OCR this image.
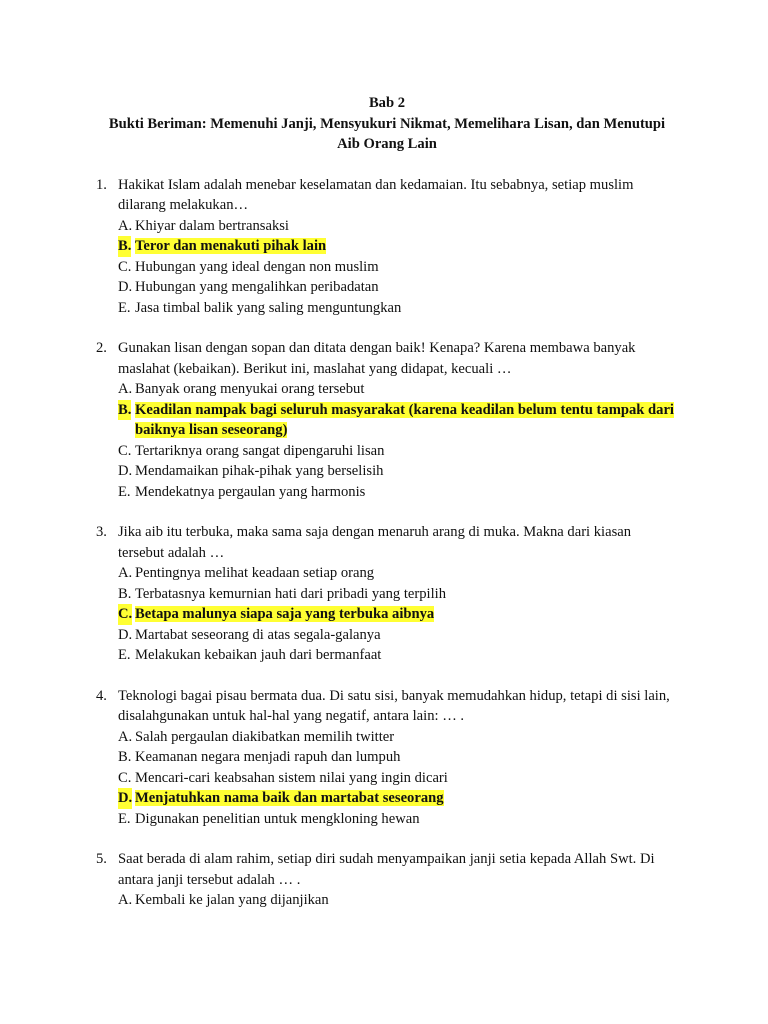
Bab 2
Bukti Beriman: Memenuhi Janji, Mensyukuri Nikmat, Memelihara Lisan, dan Menutupi
Aib Orang Lain
1. Hakikat Islam adalah menebar keselamatan dan kedamaian. Itu sebabnya, setiap muslim dilarang melakukan…
A. Khiyar dalam bertransaksi
B. Teror dan menakuti pihak lain
C. Hubungan yang ideal dengan non muslim
D. Hubungan yang mengalihkan peribadatan
E. Jasa timbal balik yang saling menguntungkan
2. Gunakan lisan dengan sopan dan ditata dengan baik! Kenapa? Karena membawa banyak maslahat (kebaikan). Berikut ini, maslahat yang didapat, kecuali …
A. Banyak orang menyukai orang tersebut
B. Keadilan nampak bagi seluruh masyarakat (karena keadilan belum tentu tampak dari baiknya lisan seseorang)
C. Tertariknya orang sangat dipengaruhi lisan
D. Mendamaikan pihak-pihak yang berselisih
E. Mendekatnya pergaulan yang harmonis
3. Jika aib itu terbuka, maka sama saja dengan menaruh arang di muka. Makna dari kiasan tersebut adalah …
A. Pentingnya melihat keadaan setiap orang
B. Terbatasnya kemurnian hati dari pribadi yang terpilih
C. Betapa malunya siapa saja yang terbuka aibnya
D. Martabat seseorang di atas segala-galanya
E. Melakukan kebaikan jauh dari bermanfaat
4. Teknologi bagai pisau bermata dua. Di satu sisi, banyak memudahkan hidup, tetapi di sisi lain, disalahgunakan untuk hal-hal yang negatif, antara lain: … .
A. Salah pergaulan diakibatkan memilih twitter
B. Keamanan negara menjadi rapuh dan lumpuh
C. Mencari-cari keabsahan sistem nilai yang ingin dicari
D. Menjatuhkan nama baik dan martabat seseorang
E. Digunakan penelitian untuk mengkloning hewan
5. Saat berada di alam rahim, setiap diri sudah menyampaikan janji setia kepada Allah Swt. Di antara janji tersebut adalah … .
A. Kembali ke jalan yang dijanjikan
